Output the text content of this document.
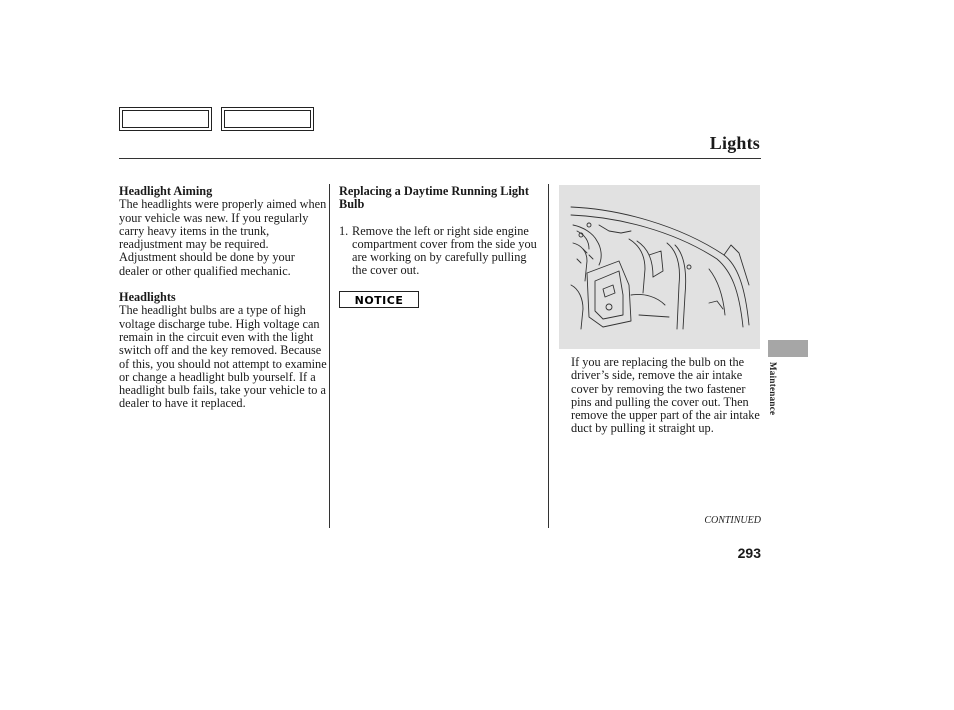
Lights
Headlight Aiming
The headlights were properly aimed when your vehicle was new. If you regularly carry heavy items in the trunk, readjustment may be required. Adjustment should be done by your dealer or other qualified mechanic.
Headlights
The headlight bulbs are a type of high voltage discharge tube. High voltage can remain in the circuit even with the light switch off and the key removed. Because of this, you should not attempt to examine or change a headlight bulb yourself. If a headlight bulb fails, take your vehicle to a dealer to have it replaced.
Replacing a Daytime Running Light Bulb
1. Remove the left or right side engine compartment cover from the side you are working on by carefully pulling the cover out.
NOTICE
If you are replacing the bulb on the driver’s side, remove the air intake cover by removing the two fastener pins and pulling the cover out. Then remove the upper part of the air intake duct by pulling it straight up.
Maintenance
CONTINUED
293
